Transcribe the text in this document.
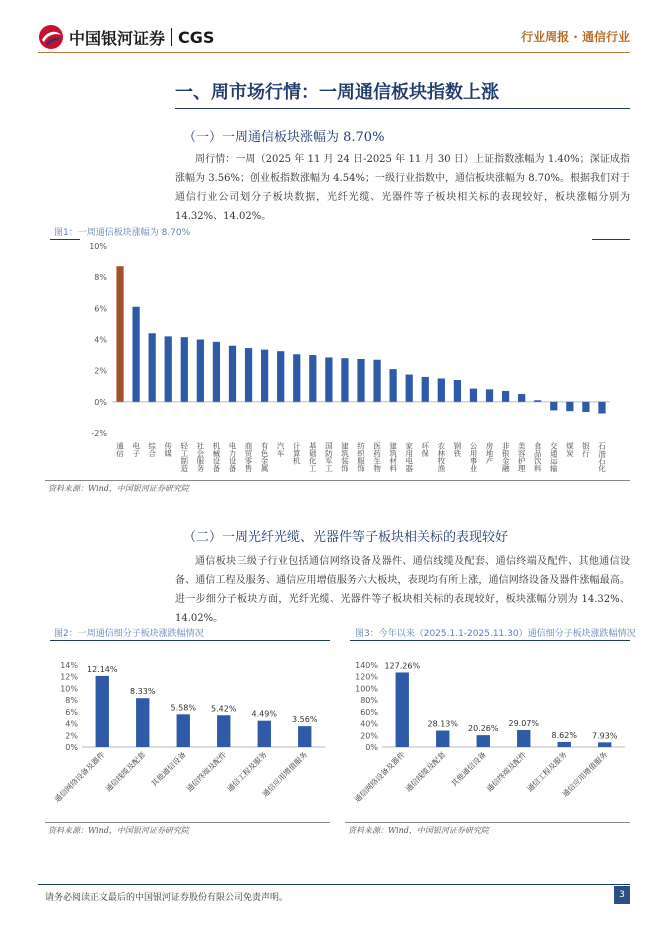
中国银河证券 CGS	行业周报 · 通信行业
一、周市场行情：一周通信板块指数上涨
（一）一周通信板块涨幅为 8.70%
周行情：一周（2025 年 11 月 24 日-2025 年 11 月 30 日）上证指数涨幅为 1.40%；深证成指涨幅为 3.56%；创业板指数涨幅为 4.54%；一级行业指数中，通信板块涨幅为 8.70%。根据我们对于通信行业公司划分子板块数据，光纤光缆、光器件等子板块相关标的表现较好，板块涨幅分别为 14.32%、14.02%。
图1：一周通信板块涨幅为 8.70%
-2%
0%
2%
4%
6%
8%
10%
通信 电子 综合 传媒 轻工制造 社会服务 机械设备 电力设备 商贸零售 有色金属 汽车 计算机 基础化工 国防军工 建筑装饰 纺织服饰 医药生物 建筑材料 家用电器 环保 农林牧渔 钢铁 公用事业 房地产 非银金融 美容护理 食品饮料 交通运输 煤炭 银行 石油石化
资料来源：Wind，中国银河证券研究院
（二）一周光纤光缆、光器件等子板块相关标的表现较好
通信板块三级子行业包括通信网络设备及器件、通信线缆及配套、通信终端及配件、其他通信设备、通信工程及服务、通信应用增值服务六大板块，表现均有所上涨，通信网络设备及器件涨幅最高。进一步细分子板块方面，光纤光缆、光器件等子板块相关标的表现较好，板块涨幅分别为 14.32%、14.02%。
图2：一周通信细分子板块涨跌幅情况
0%
2%
4%
6%
8%
10%
12%
14% 12.14%
通信网络设备及器件
8.33%
通信线缆及配套
5.58%
其他通信设备
5.42%
通信终端及配件
4.49%
通信工程及服务
3.56%
通信应用增值服务
资料来源：Wind，中国银河证券研究院
图3：今年以来（2025.1.1-2025.11.30）通信细分子板块涨跌幅情况
0%
20%
40%
60%
80%
100%
120%
140% 127.26%
通信网络设备及器件
28.13%
通信线缆及配套
20.26%
其他通信设备
29.07%
通信终端及配件
8.62%
通信工程及服务
7.93%
通信应用增值服务
资料来源：Wind，中国银河证券研究院
请务必阅读正文最后的中国银河证券股份有限公司免责声明。	3
